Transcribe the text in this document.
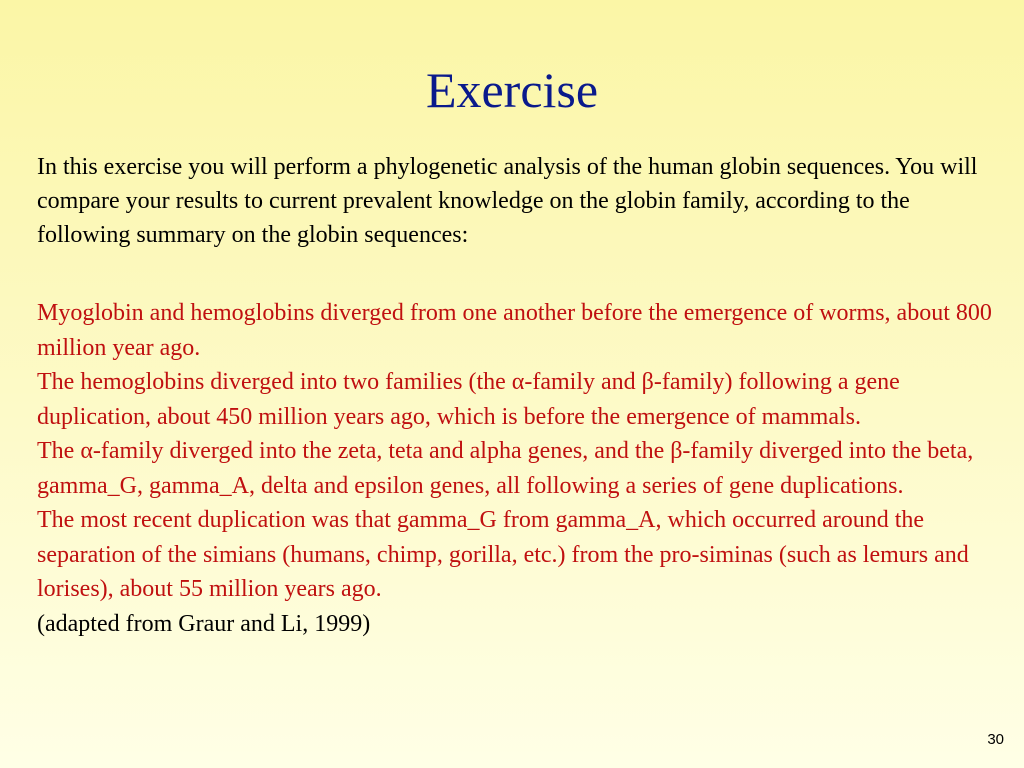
Exercise
In this exercise you will perform a phylogenetic analysis of the human globin sequences. You will compare your results to current prevalent knowledge on the globin family, according to the following summary on the globin sequences:

Myoglobin and hemoglobins diverged from one another before the emergence of worms, about 800 million year ago.

The hemoglobins diverged into two families (the α-family and β-family) following a gene duplication, about 450 million years ago, which is before the emergence of mammals.

The α-family diverged into the zeta, teta and alpha genes, and the β-family diverged into the beta, gamma_G, gamma_A, delta and epsilon genes, all following a series of gene duplications.

The most recent duplication was that gamma_G from gamma_A, which occurred around the separation of the simians (humans, chimp, gorilla, etc.) from the pro-siminas (such as lemurs and lorises), about 55 million years ago.

(adapted from Graur and Li, 1999)

30
